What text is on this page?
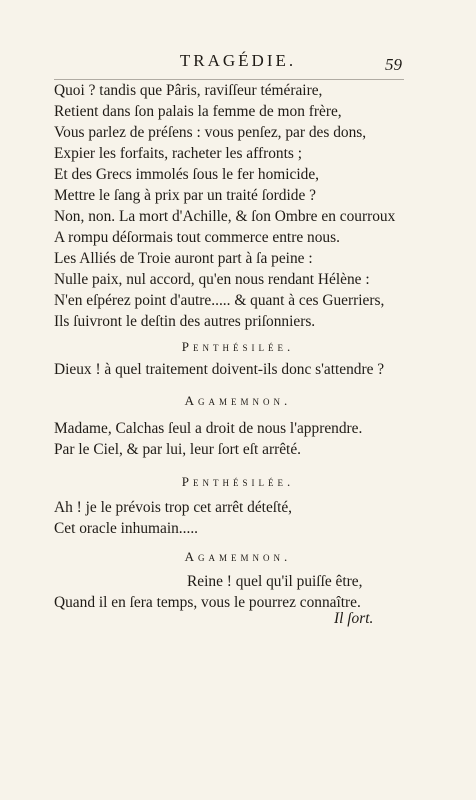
TRAGÉDIE.	59
Quoi ? tandis que Pâris, raviſſeur téméraire,
Retient dans ſon palais la femme de mon frère,
Vous parlez de préſens : vous penſez, par des dons,
Expier les forfaits, racheter les affronts ;
Et des Grecs immolés ſous le fer homicide,
Mettre le ſang à prix par un traité ſordide ?
Non, non. La mort d'Achille, & ſon Ombre en courroux
A rompu déſormais tout commerce entre nous.
Les Alliés de Troie auront part à ſa peine :
Nulle paix, nul accord, qu'en nous rendant Hélène :
N'en eſpérez point d'autre..... & quant à ces Guerriers,
Ils ſuivront le deſtin des autres priſonniers.
Penthésilée.
Dieux ! à quel traitement doivent-ils donc s'attendre ?
Agamemnon.
Madame, Calchas ſeul a droit de nous l'apprendre.
Par le Ciel, & par lui, leur ſort eſt arrêté.
Penthésilée.
Ah ! je le prévois trop cet arrêt déteſté,
Cet oracle inhumain.....
Agamemnon.
Reine ! quel qu'il puiſſe être,
Quand il en ſera temps, vous le pourrez connaître.
Il ſort.
